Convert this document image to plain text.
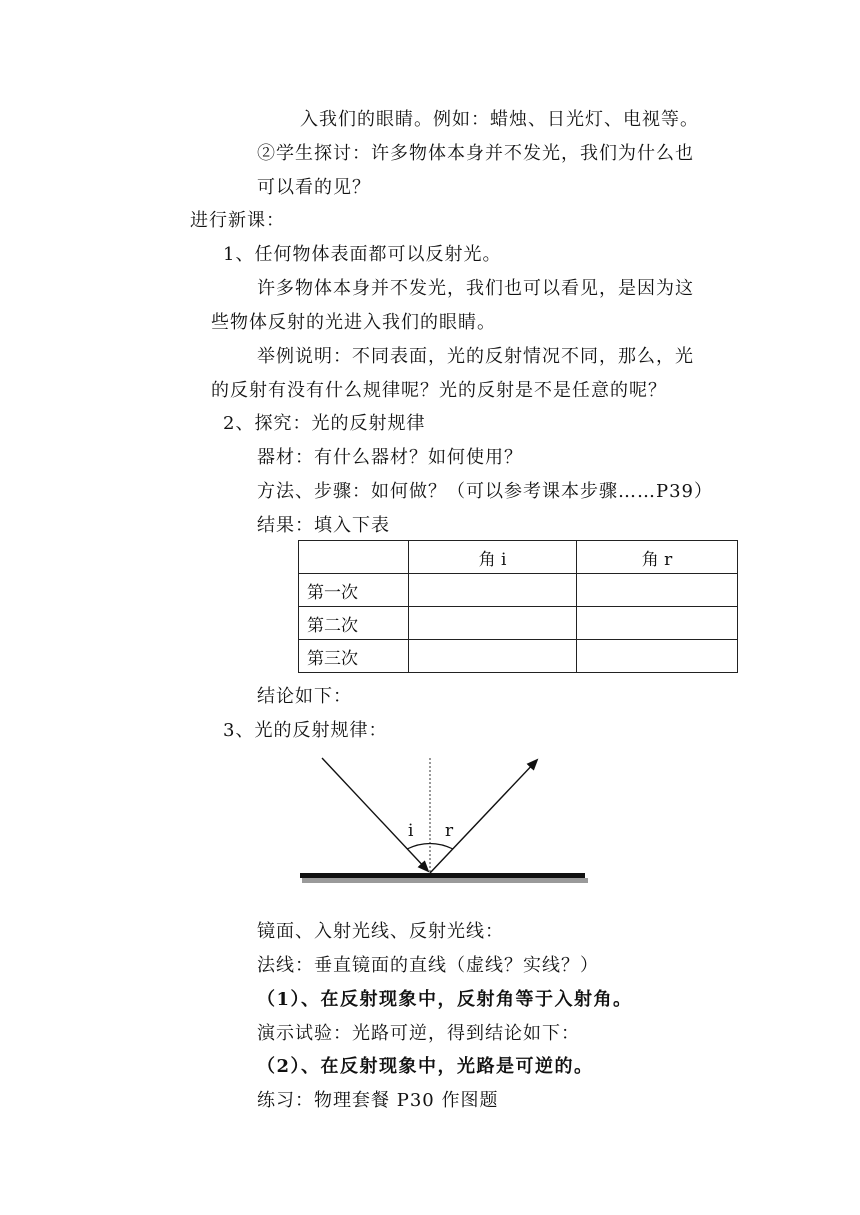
入我们的眼睛。例如：蜡烛、日光灯、电视等。
②学生探讨：许多物体本身并不发光，我们为什么也
可以看的见？
进行新课：
1、任何物体表面都可以反射光。
许多物体本身并不发光，我们也可以看见，是因为这
些物体反射的光进入我们的眼睛。
举例说明：不同表面，光的反射情况不同，那么，光
的反射有没有什么规律呢？光的反射是不是任意的呢？
2、探究：光的反射规律
器材：有什么器材？如何使用？
方法、步骤：如何做？（可以参考课本步骤……P39）
结果：填入下表
	角 i	角 r
第一次		
第二次		
第三次		
结论如下：
3、光的反射规律：
i r
镜面、入射光线、反射光线：
法线：垂直镜面的直线（虚线？实线？）
（1）、在反射现象中，反射角等于入射角。
演示试验：光路可逆，得到结论如下：
（2）、在反射现象中，光路是可逆的。
练习：物理套餐 P30 作图题
